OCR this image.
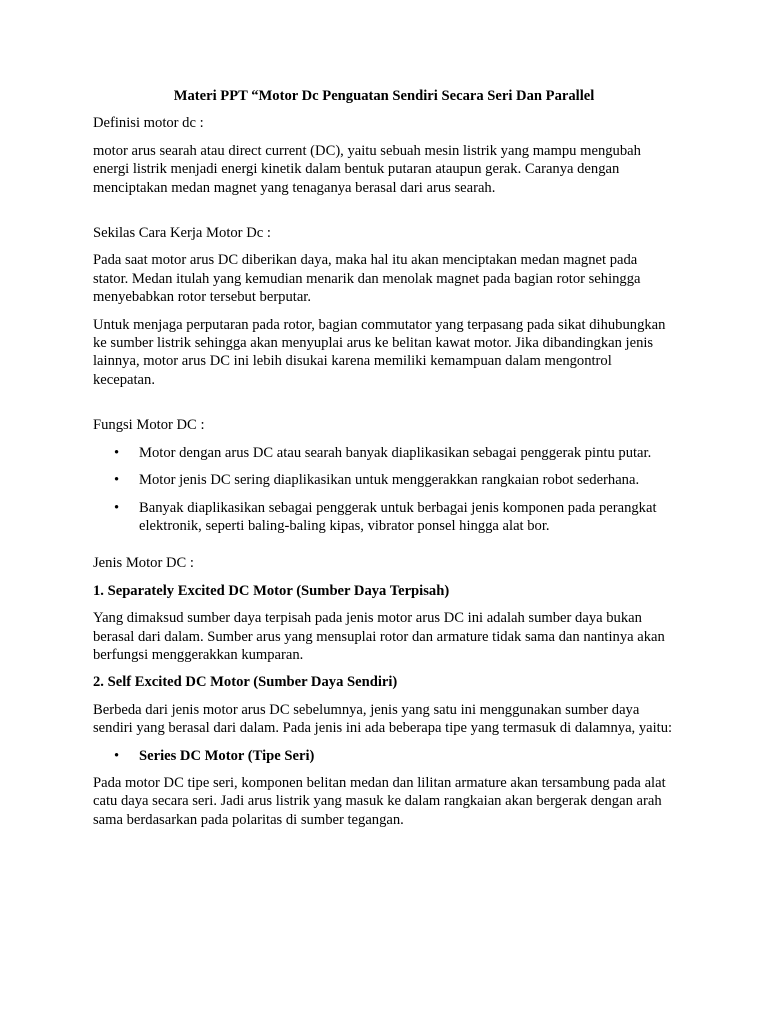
Materi PPT “Motor Dc Penguatan Sendiri Secara Seri Dan Parallel

Definisi motor dc :

motor arus searah atau direct current (DC), yaitu sebuah mesin listrik yang mampu mengubah energi listrik menjadi energi kinetik dalam bentuk putaran ataupun gerak. Caranya dengan menciptakan medan magnet yang tenaganya berasal dari arus searah.

Sekilas Cara Kerja Motor Dc :

Pada saat motor arus DC diberikan daya, maka hal itu akan menciptakan medan magnet pada stator. Medan itulah yang kemudian menarik dan menolak magnet pada bagian rotor sehingga menyebabkan rotor tersebut berputar.

Untuk menjaga perputaran pada rotor, bagian commutator yang terpasang pada sikat dihubungkan ke sumber listrik sehingga akan menyuplai arus ke belitan kawat motor. Jika dibandingkan jenis lainnya, motor arus DC ini lebih disukai karena memiliki kemampuan dalam mengontrol kecepatan.

Fungsi Motor DC :

• Motor dengan arus DC atau searah banyak diaplikasikan sebagai penggerak pintu putar.
• Motor jenis DC sering diaplikasikan untuk menggerakkan rangkaian robot sederhana.
• Banyak diaplikasikan sebagai penggerak untuk berbagai jenis komponen pada perangkat elektronik, seperti baling-baling kipas, vibrator ponsel hingga alat bor.

Jenis Motor DC :

1. Separately Excited DC Motor (Sumber Daya Terpisah)

Yang dimaksud sumber daya terpisah pada jenis motor arus DC ini adalah sumber daya bukan berasal dari dalam. Sumber arus yang mensuplai rotor dan armature tidak sama dan nantinya akan berfungsi menggerakkan kumparan.

2. Self Excited DC Motor (Sumber Daya Sendiri)

Berbeda dari jenis motor arus DC sebelumnya, jenis yang satu ini menggunakan sumber daya sendiri yang berasal dari dalam. Pada jenis ini ada beberapa tipe yang termasuk di dalamnya, yaitu:

• Series DC Motor (Tipe Seri)

Pada motor DC tipe seri, komponen belitan medan dan lilitan armature akan tersambung pada alat catu daya secara seri. Jadi arus listrik yang masuk ke dalam rangkaian akan bergerak dengan arah sama berdasarkan pada polaritas di sumber tegangan.
